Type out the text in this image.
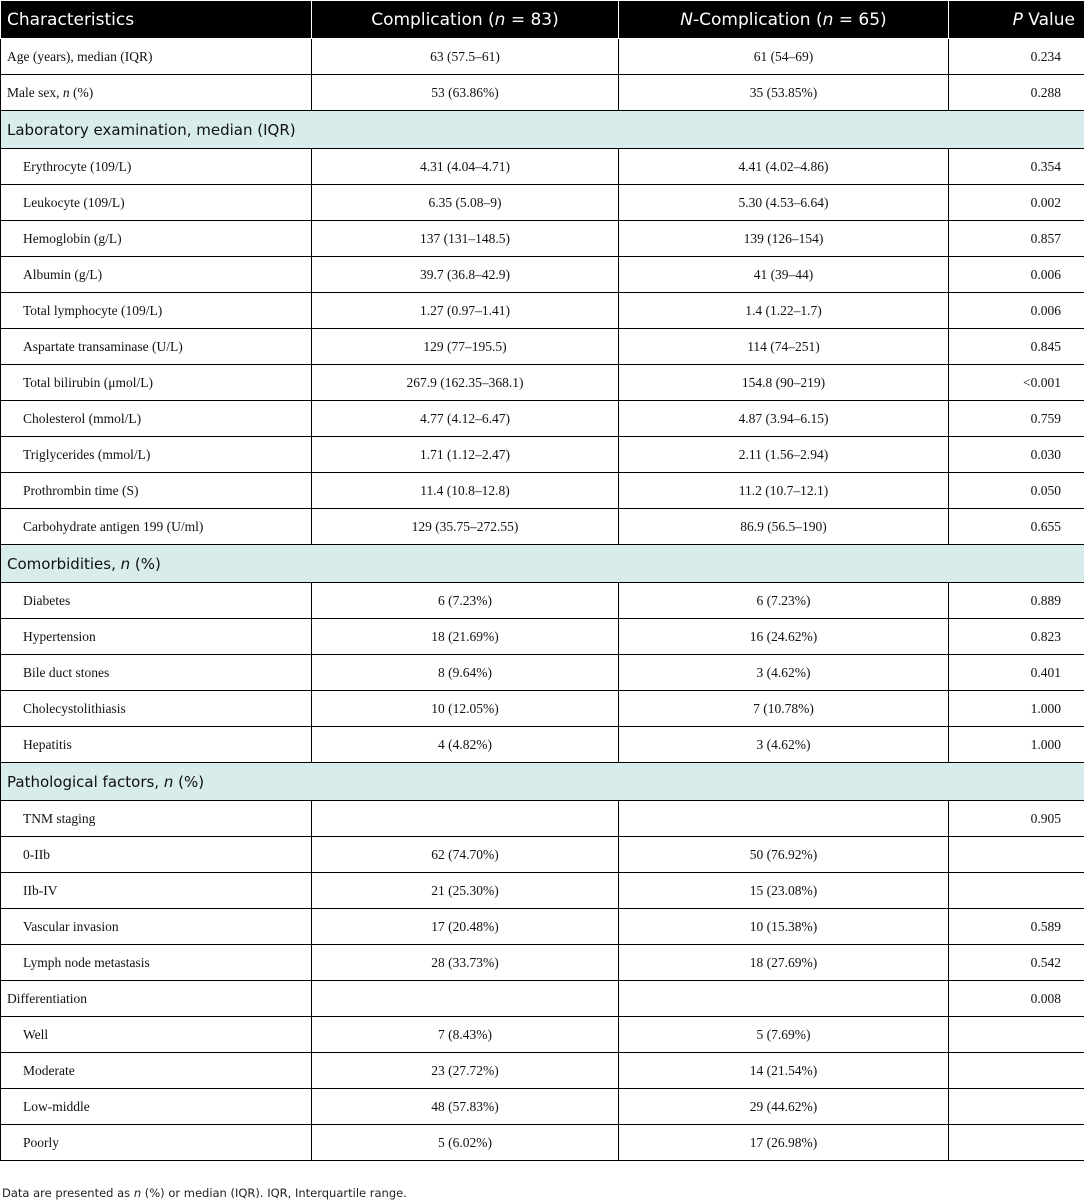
Characteristics	Complication (n = 83)	N-Complication (n = 65)	P Value
Age (years), median (IQR)	63 (57.5–61)	61 (54–69)	0.234
Male sex, n (%)	53 (63.86%)	35 (53.85%)	0.288
Laboratory examination, median (IQR)			
Erythrocyte (109/L)	4.31 (4.04–4.71)	4.41 (4.02–4.86)	0.354
Leukocyte (109/L)	6.35 (5.08–9)	5.30 (4.53–6.64)	0.002
Hemoglobin (g/L)	137 (131–148.5)	139 (126–154)	0.857
Albumin (g/L)	39.7 (36.8–42.9)	41 (39–44)	0.006
Total lymphocyte (109/L)	1.27 (0.97–1.41)	1.4 (1.22–1.7)	0.006
Aspartate transaminase (U/L)	129 (77–195.5)	114 (74–251)	0.845
Total bilirubin (μmol/L)	267.9 (162.35–368.1)	154.8 (90–219)	<0.001
Cholesterol (mmol/L)	4.77 (4.12–6.47)	4.87 (3.94–6.15)	0.759
Triglycerides (mmol/L)	1.71 (1.12–2.47)	2.11 (1.56–2.94)	0.030
Prothrombin time (S)	11.4 (10.8–12.8)	11.2 (10.7–12.1)	0.050
Carbohydrate antigen 199 (U/ml)	129 (35.75–272.55)	86.9 (56.5–190)	0.655
Comorbidities, n (%)			
Diabetes	6 (7.23%)	6 (7.23%)	0.889
Hypertension	18 (21.69%)	16 (24.62%)	0.823
Bile duct stones	8 (9.64%)	3 (4.62%)	0.401
Cholecystolithiasis	10 (12.05%)	7 (10.78%)	1.000
Hepatitis	4 (4.82%)	3 (4.62%)	1.000
Pathological factors, n (%)			
TNM staging			0.905
0-IIb	62 (74.70%)	50 (76.92%)	
IIb-IV	21 (25.30%)	15 (23.08%)	
Vascular invasion	17 (20.48%)	10 (15.38%)	0.589
Lymph node metastasis	28 (33.73%)	18 (27.69%)	0.542
Differentiation			0.008
Well	7 (8.43%)	5 (7.69%)	
Moderate	23 (27.72%)	14 (21.54%)	
Low-middle	48 (57.83%)	29 (44.62%)	
Poorly	5 (6.02%)	17 (26.98%)	
Data are presented as n (%) or median (IQR). IQR, Interquartile range.
